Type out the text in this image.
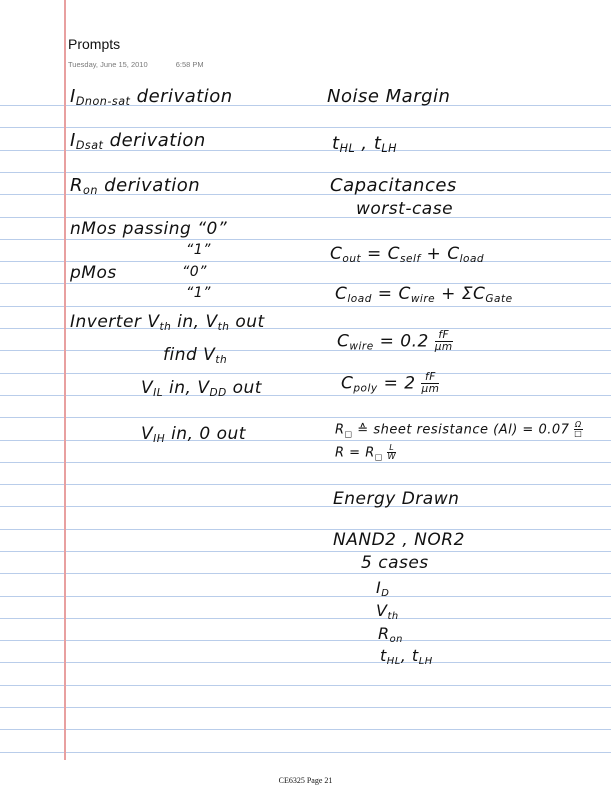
Prompts
Tuesday, June 15, 2010	6:58 PM
$I_{Dnon-sat}$ derivation
$I_{Dsat}$ derivation
$R_{on}$ derivation
nMos passing “0”
“1”
pMos	“0”
“1”
Inverter $V_{th}$ in, $V_{th}$ out
find $V_{th}$
$V_{IL}$ in, $V_{DD}$ out
$V_{IH}$ in, 0 out
Noise Margin
$t_{HL}$ , $t_{LH}$
Capacitances
worst-case
$C_{out} = C_{self} + C_{load}$
$C_{load} = C_{wire} + \Sigma C_{Gate}$
$C_{wire} = 0.2 \frac{fF}{\mu m}$
$C_{poly} = 2 \frac{fF}{\mu m}$
$R_□$ ≙ sheet resistance $(Al) = 0.07 \frac{\Omega}{□}$
$R = R_□ \frac{L}{W}$
Energy Drawn
NAND2 , NOR2
5 cases
$I_D$
$V_{th}$
$R_{on}$
$t_{HL}$, $t_{LH}$
CE6325 Page 21
